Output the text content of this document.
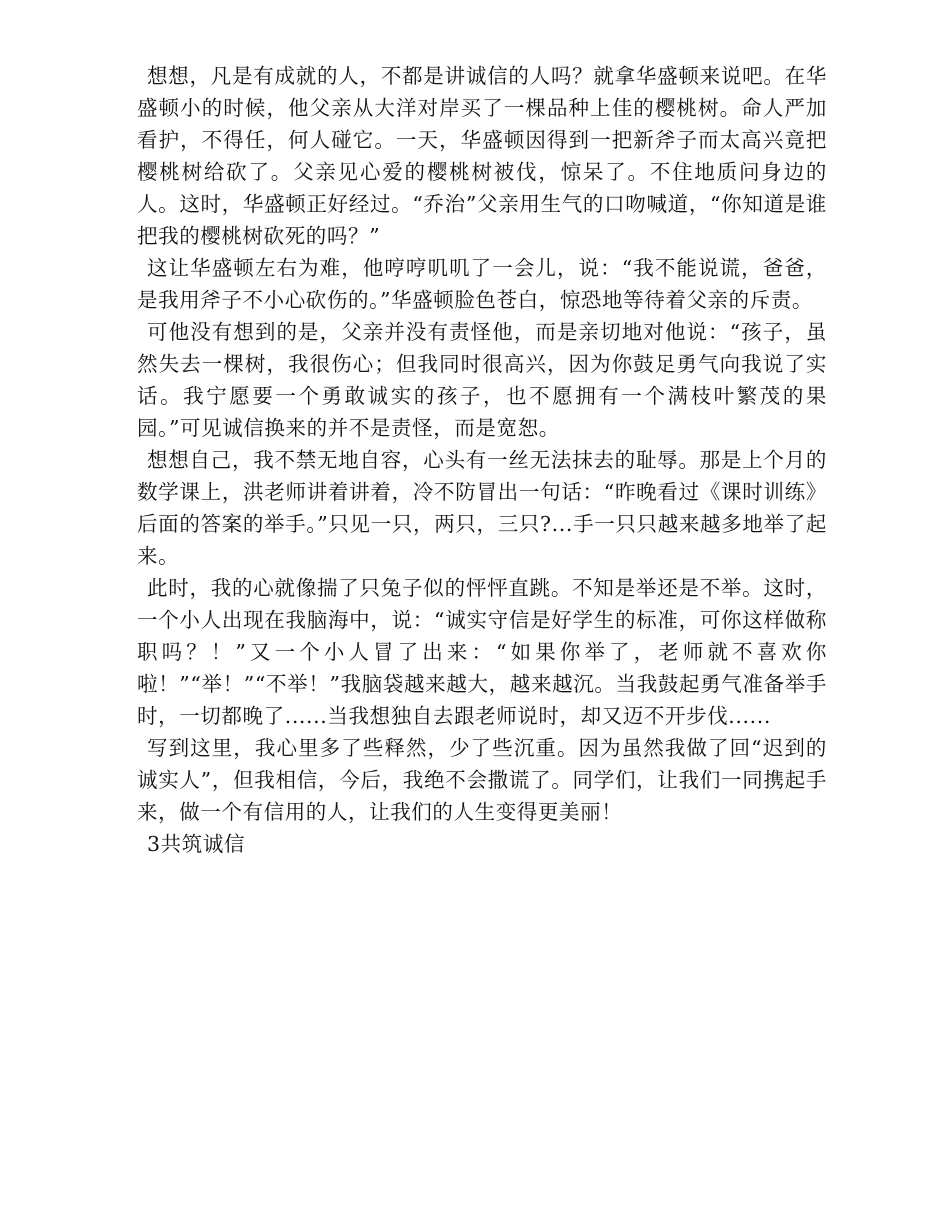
想想，凡是有成就的人，不都是讲诚信的人吗？就拿华盛顿来说吧。在华盛顿小的时候，他父亲从大洋对岸买了一棵品种上佳的樱桃树。命人严加看护，不得任，何人碰它。一天，华盛顿因得到一把新斧子而太高兴竟把樱桃树给砍了。父亲见心爱的樱桃树被伐，惊呆了。不住地质问身边的人。这时，华盛顿正好经过。“乔治”父亲用生气的口吻喊道，“你知道是谁把我的樱桃树砍死的吗？”

这让华盛顿左右为难，他哼哼叽叽了一会儿，说：“我不能说谎，爸爸，是我用斧子不小心砍伤的。”华盛顿脸色苍白，惊恐地等待着父亲的斥责。

可他没有想到的是，父亲并没有责怪他，而是亲切地对他说：“孩子，虽然失去一棵树，我很伤心；但我同时很高兴，因为你鼓足勇气向我说了实话。我宁愿要一个勇敢诚实的孩子，也不愿拥有一个满枝叶繁茂的果园。”可见诚信换来的并不是责怪，而是宽恕。

想想自己，我不禁无地自容，心头有一丝无法抹去的耻辱。那是上个月的数学课上，洪老师讲着讲着，冷不防冒出一句话：“昨晚看过《课时训练》后面的答案的举手。”只见一只，两只，三只?...手一只只越来越多地举了起来。

此时，我的心就像揣了只兔子似的怦怦直跳。不知是举还是不举。这时，一个小人出现在我脑海中，说：“诚实守信是好学生的标准，可你这样做称职吗？！”又一个小人冒了出来：“如果你举了，老师就不喜欢你啦！”“举！”“不举！”我脑袋越来越大，越来越沉。当我鼓起勇气准备举手时，一切都晚了......当我想独自去跟老师说时，却又迈不开步伐......

写到这里，我心里多了些释然，少了些沉重。因为虽然我做了回“迟到的诚实人”，但我相信，今后，我绝不会撒谎了。同学们，让我们一同携起手来，做一个有信用的人，让我们的人生变得更美丽！

3共筑诚信
